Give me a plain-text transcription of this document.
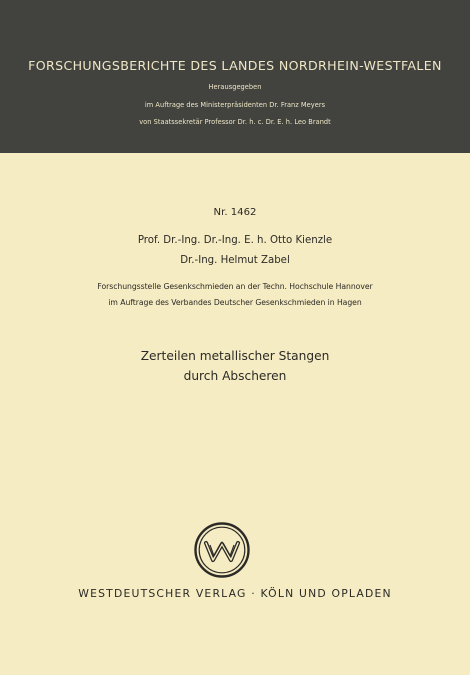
FORSCHUNGSBERICHTE DES LANDES NORDRHEIN-WESTFALEN
Herausgegeben
im Auftrage des Ministerpräsidenten Dr. Franz Meyers
von Staatssekretär Professor Dr. h. c. Dr. E. h. Leo Brandt
Nr. 1462
Prof. Dr.-Ing. Dr.-Ing. E. h. Otto Kienzle
Dr.-Ing. Helmut Zabel
Forschungsstelle Gesenkschmieden an der Techn. Hochschule Hannover
im Auftrage des Verbandes Deutscher Gesenkschmieden in Hagen
Zerteilen metallischer Stangen
durch Abscheren
WESTDEUTSCHER VERLAG · KÖLN UND OPLADEN
